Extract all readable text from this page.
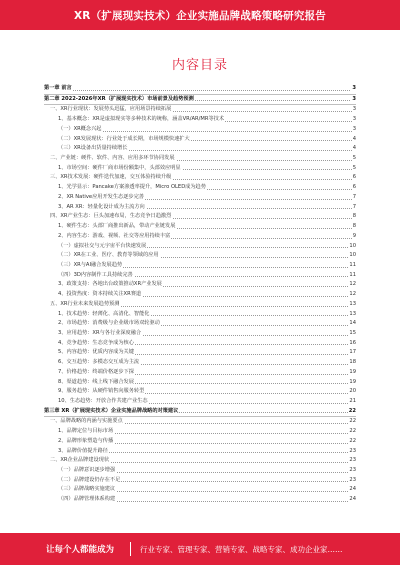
XR（扩展现实技术）企业实施品牌战略策略研究报告
内容目录
第一章 前言	3
第二章 2022-2026年XR（扩展现实技术）市场前景及趋势预测	3
一、XR行业现状：发展势头迅猛，应用场景持续拓展	3
1、基本概念：XR是虚拟现实等多种技术的统称，涵盖VR/AR/MR等技术	3
（一）XR概念兴起	3
（二）XR发展现状：行业处于成长期，市场规模快速扩大	4
（三）XR设备出货量持续增长	4
二、产业链：硬件、软件、内容、应用多环节协同发展	5
1、市场空间：硬件厂商市场份额集中，头部效应明显	5
三、XR技术发展：硬件迭代加速，交互体验持续升级	6
1、光学显示：Pancake方案渗透率提升，Micro OLED成为趋势	6
2、XR Native应用开发生态逐步完善	7
3、AR XR：轻量化设计成为主流方向	7
四、XR产业生态：巨头加速布局，生态竞争日趋激烈	8
1、硬件生态：头部厂商推出新品，带动产业链发展	8
2、内容生态：游戏、视频、社交等应用持续丰富	9
（一）虚拟社交与元宇宙平台快速发展	10
（二）XR在工业、医疗、教育等领域的应用	10
（三）XR与AI融合发展趋势	11
（四）3D内容制作工具持续完善	11
3、政策支持：各地出台政策推动XR产业发展	12
4、投资热度：资本持续关注XR赛道	12
五、XR行业未来发展趋势预测	13
1、技术趋势：轻薄化、高清化、智能化	13
2、市场趋势：消费级与企业级市场双轮驱动	14
3、应用趋势：XR与各行业深度融合	15
4、竞争趋势：生态竞争成为核心	16
5、内容趋势：优质内容成为关键	17
6、交互趋势：多模态交互成为主流	18
7、价格趋势：终端价格逐步下探	19
8、渠道趋势：线上线下融合发展	19
9、服务趋势：从硬件销售向服务转型	20
10、生态趋势：开放合作共建产业生态	21
第三章 XR（扩展现实技术）企业实施品牌战略的对策建议	22
一、品牌战略的内涵与实施要点	22
1、品牌定位与目标市场	22
2、品牌形象塑造与传播	22
3、品牌价值提升路径	23
二、XR企业品牌建设现状	23
（一）品牌意识逐步增强	23
（二）品牌建设仍存在不足	23
（三）品牌战略实施建议	24
（四）品牌管理体系构建	24
让每个人都能成为	行业专家、管理专家、营销专家、战略专家、成功企业家……
